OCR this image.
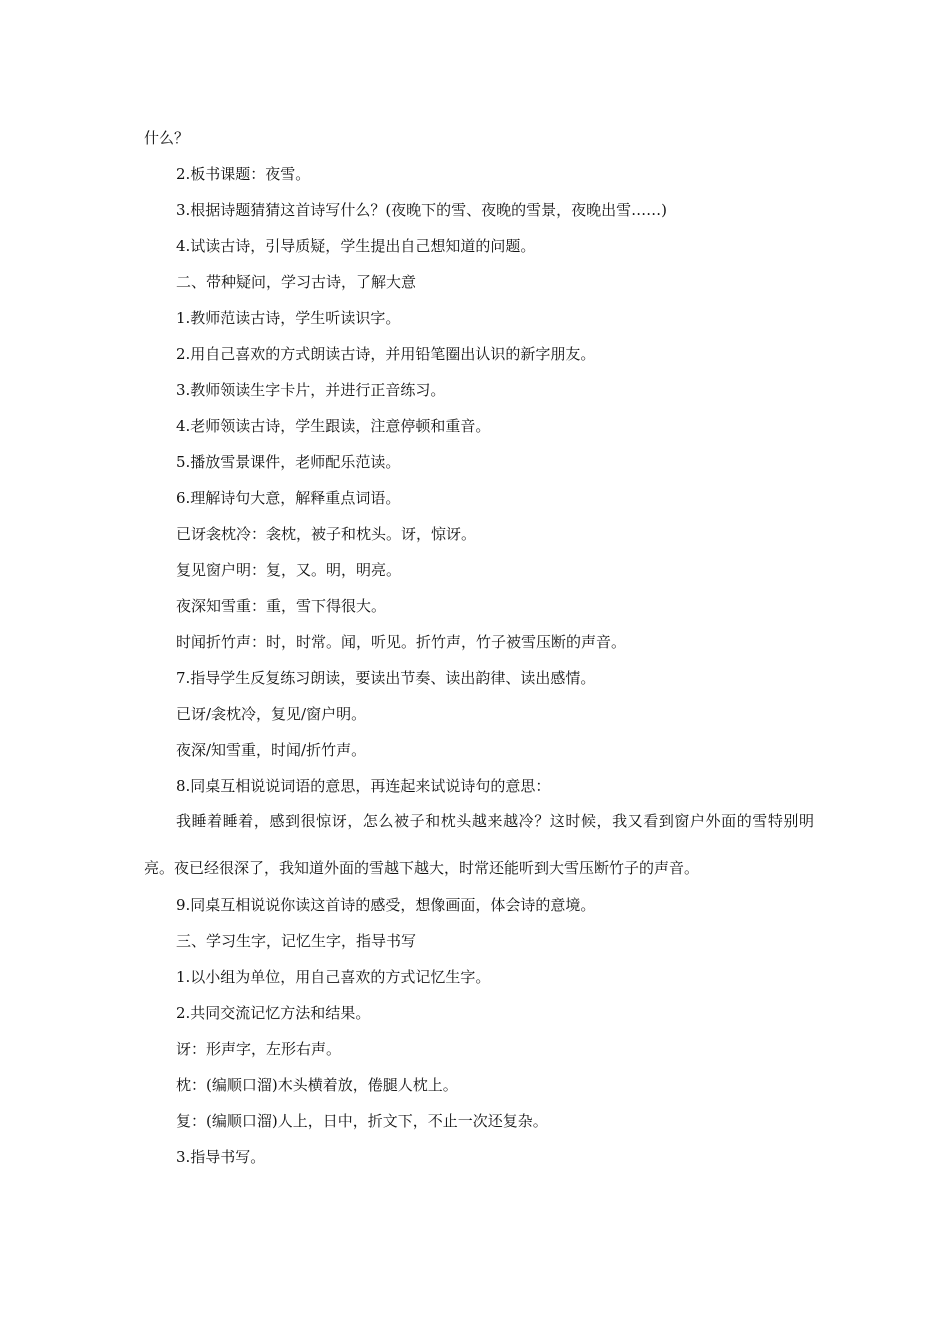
什么？

2.板书课题：夜雪。

3.根据诗题猜猜这首诗写什么？(夜晚下的雪、夜晚的雪景，夜晚出雪……)

4.试读古诗，引导质疑，学生提出自己想知道的问题。

二、带种疑问，学习古诗，了解大意

1.教师范读古诗，学生听读识字。

2.用自己喜欢的方式朗读古诗，并用铅笔圈出认识的新字朋友。

3.教师领读生字卡片，并进行正音练习。

4.老师领读古诗，学生跟读，注意停顿和重音。

5.播放雪景课件，老师配乐范读。

6.理解诗句大意，解释重点词语。

已讶衾枕冷：衾枕，被子和枕头。讶，惊讶。

复见窗户明：复，又。明，明亮。

夜深知雪重：重，雪下得很大。

时闻折竹声：时，时常。闻，听见。折竹声，竹子被雪压断的声音。

7.指导学生反复练习朗读，要读出节奏、读出韵律、读出感情。

已讶/衾枕冷，复见/窗户明。

夜深/知雪重，时闻/折竹声。

8.同桌互相说说词语的意思，再连起来试说诗句的意思：

我睡着睡着，感到很惊讶，怎么被子和枕头越来越冷？这时候，我又看到窗户外面的雪特别明亮。夜已经很深了，我知道外面的雪越下越大，时常还能听到大雪压断竹子的声音。

9.同桌互相说说你读这首诗的感受，想像画面，体会诗的意境。

三、学习生字，记忆生字，指导书写

1.以小组为单位，用自己喜欢的方式记忆生字。

2.共同交流记忆方法和结果。

讶：形声字，左形右声。

枕：(编顺口溜)木头横着放，倦腿人枕上。

复：(编顺口溜)人上，日中，折文下，不止一次还复杂。

3.指导书写。
